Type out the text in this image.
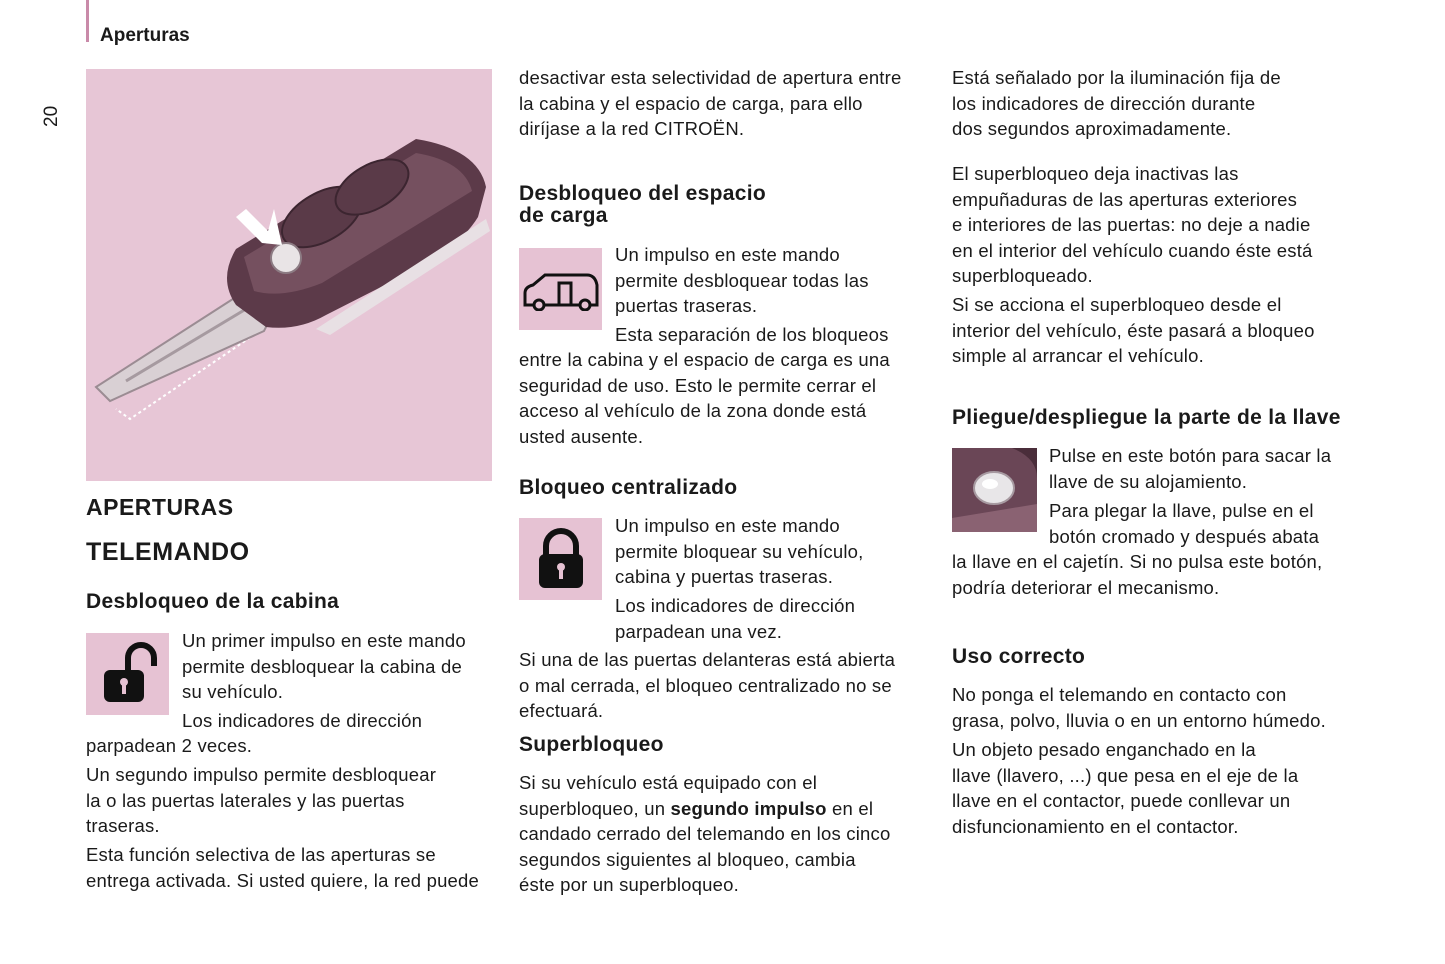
Aperturas
20
APERTURAS
TELEMANDO
Desbloqueo de la cabina

Un primer impulso en este mando

permite desbloquear la cabina de

su vehículo.

Los indicadores de dirección

parpadean 2 veces.

Un segundo impulso permite desbloquear

la o las puertas laterales y las puertas

traseras.

Esta función selectiva de las aperturas se

entrega activada. Si usted quiere, la red puede

desactivar esta selectividad de apertura entre

la cabina y el espacio de carga, para ello

diríjase a la red CITROËN.

Desbloqueo del espacio
de carga

Un impulso en este mando

permite desbloquear todas las

puertas traseras.

Esta separación de los bloqueos

entre la cabina y el espacio de carga es una

seguridad de uso. Esto le permite cerrar el

acceso al vehículo de la zona donde está

usted ausente.

Bloqueo centralizado

Un impulso en este mando

permite bloquear su vehículo,

cabina y puertas traseras.

Los indicadores de dirección

parpadean una vez.

Si una de las puertas delanteras está abierta

o mal cerrada, el bloqueo centralizado no se

efectuará.

Superbloqueo

Si su vehículo está equipado con el

superbloqueo, un segundo impulso en el

candado cerrado del telemando en los cinco

segundos siguientes al bloqueo, cambia

éste por un superbloqueo.

Está señalado por la iluminación fija de

los indicadores de dirección durante

dos segundos aproximadamente.

El superbloqueo deja inactivas las

empuñaduras de las aperturas exteriores

e interiores de las puertas: no deje a nadie

en el interior del vehículo cuando éste está

superbloqueado.

Si se acciona el superbloqueo desde el

interior del vehículo, éste pasará a bloqueo

simple al arrancar el vehículo.

Pliegue/despliegue la parte de la llave

Pulse en este botón para sacar la

llave de su alojamiento.

Para plegar la llave, pulse en el

botón cromado y después abata

la llave en el cajetín. Si no pulsa este botón,

podría deteriorar el mecanismo.

Uso correcto

No ponga el telemando en contacto con

grasa, polvo, lluvia o en un entorno húmedo.

Un objeto pesado enganchado en la

llave (llavero, ...) que pesa en el eje de la

llave en el contactor, puede conllevar un

disfuncionamiento en el contactor.
